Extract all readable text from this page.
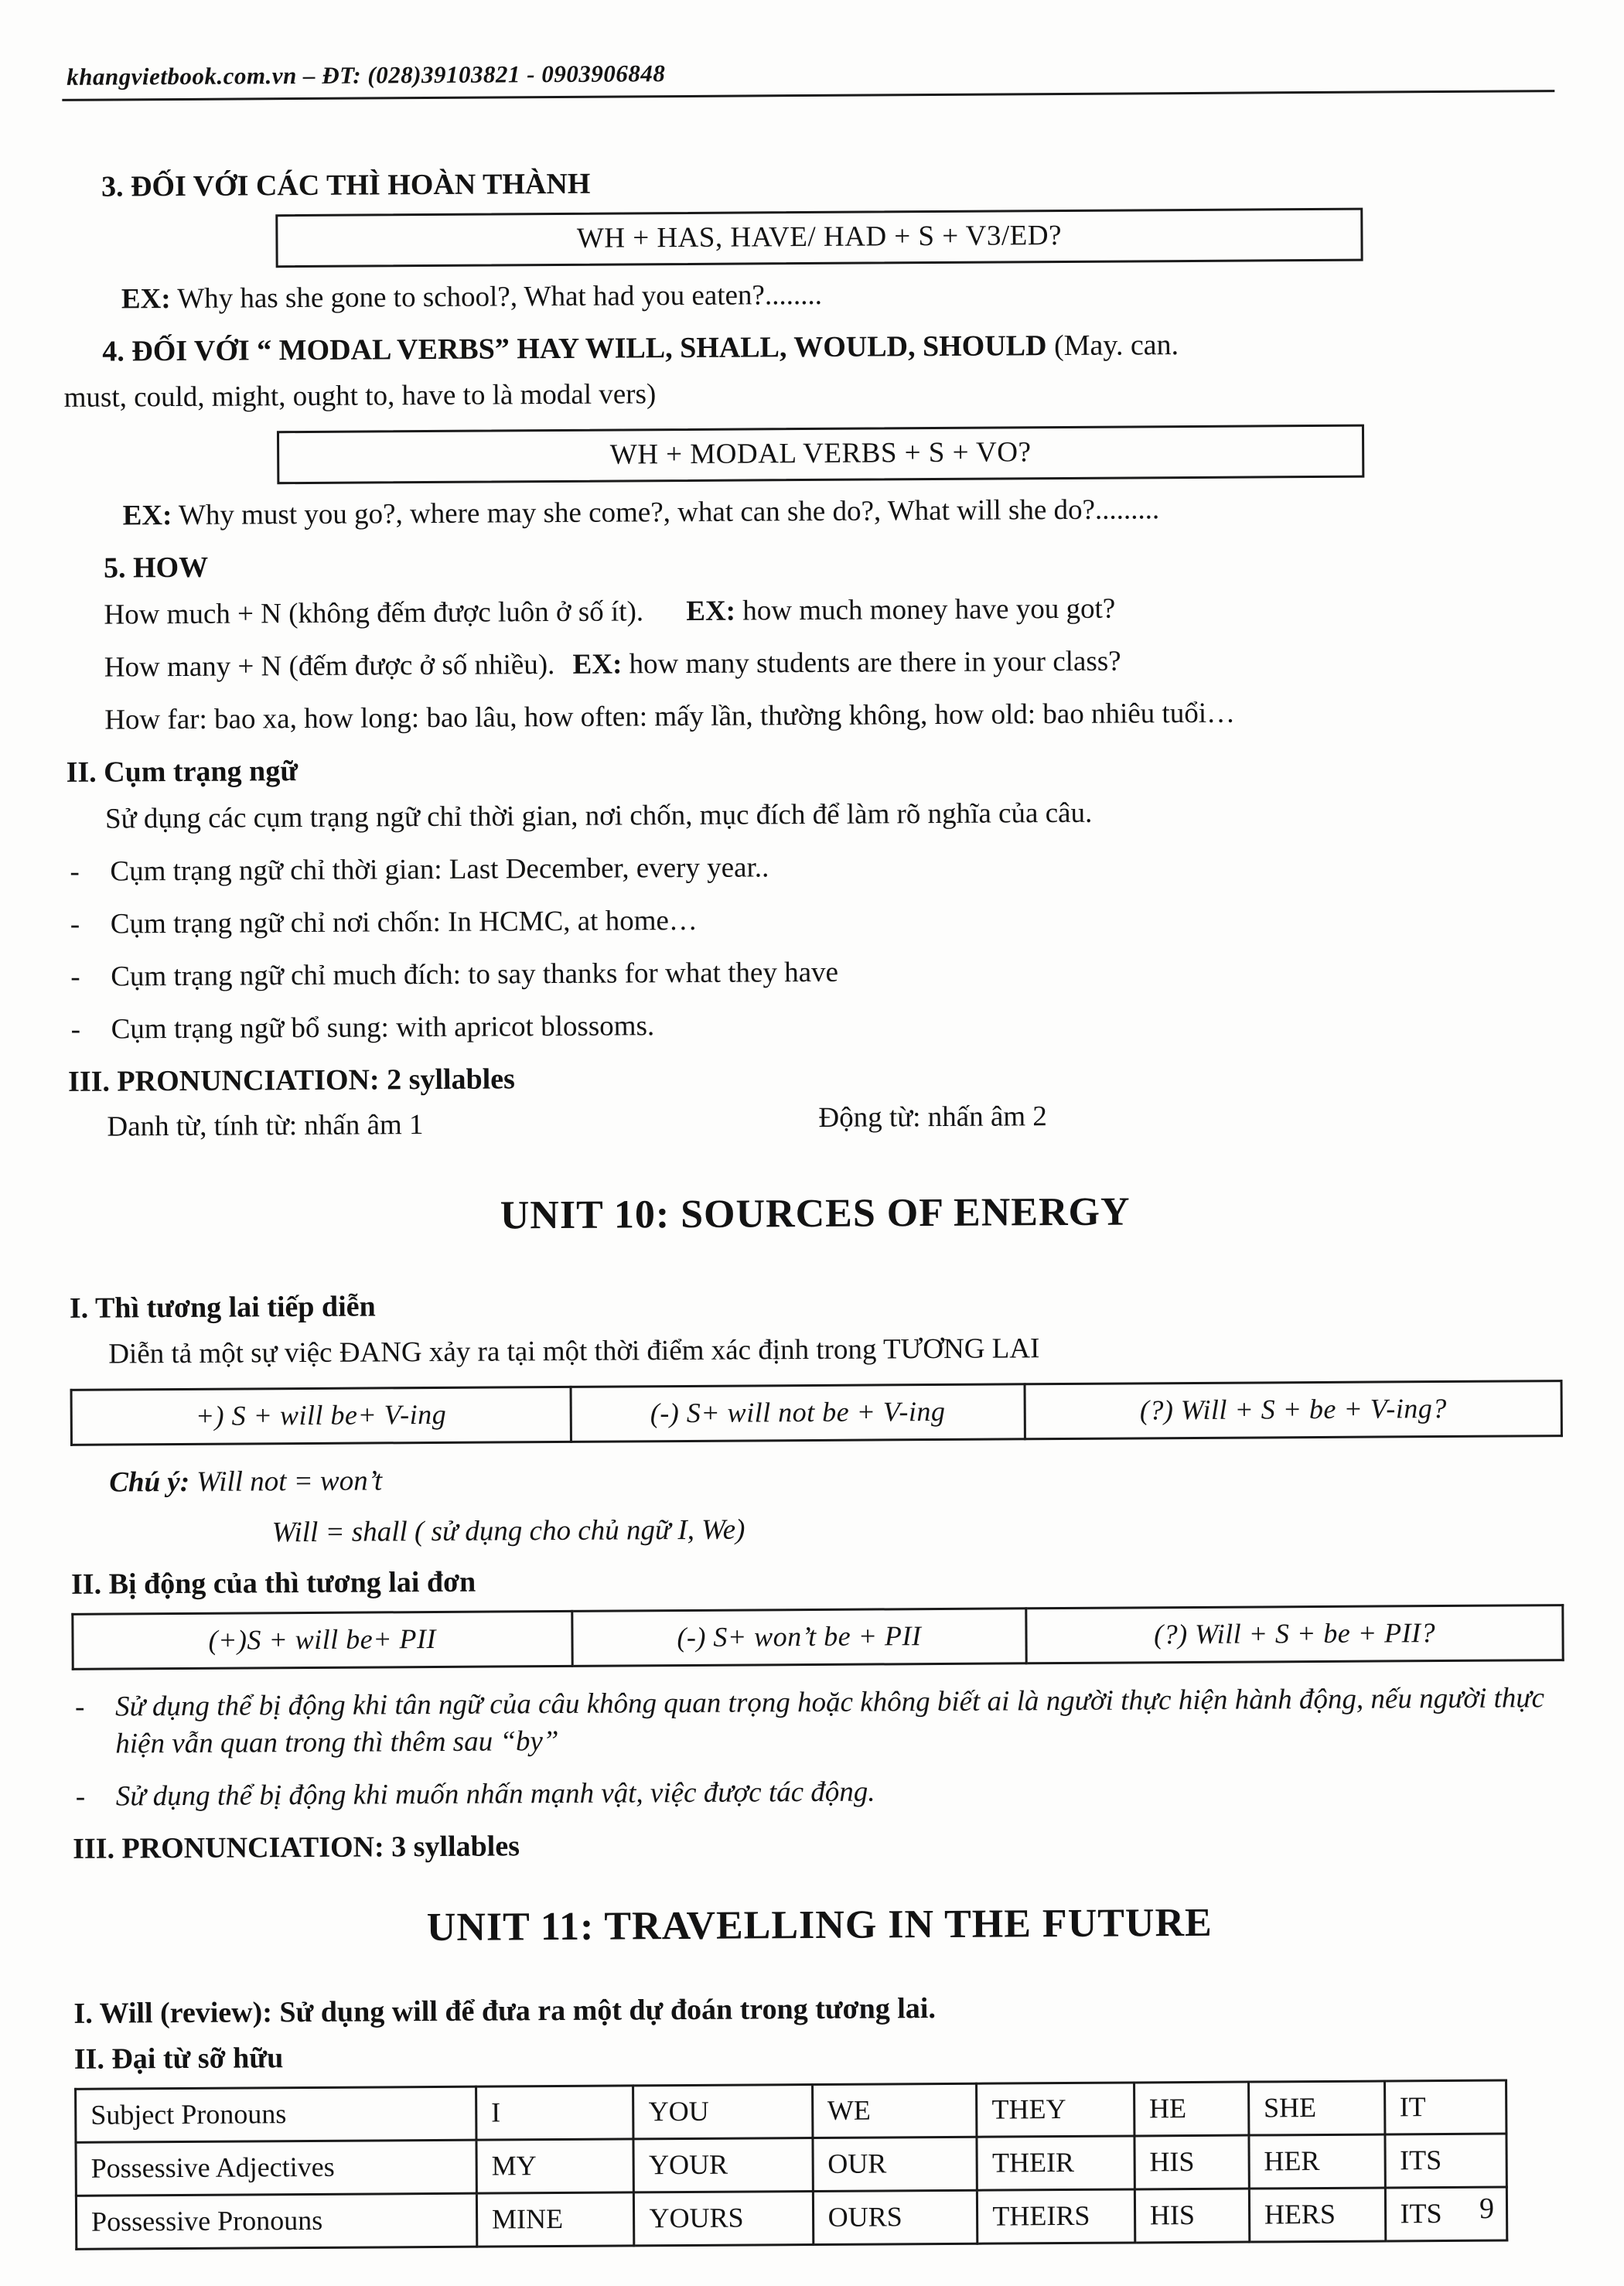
khangvietbook.com.vn – ĐT: (028)39103821 - 0903906848
3. ĐỐI VỚI CÁC THÌ HOÀN THÀNH
WH + HAS, HAVE/ HAD + S + V3/ED?
EX: Why has she gone to school?, What had you eaten?........
4. ĐỐI VỚI “ MODAL VERBS” HAY WILL, SHALL, WOULD, SHOULD (May. can.
must, could, might, ought to, have to là modal vers)
WH + MODAL VERBS + S + VO?
EX: Why must you go?, where may she come?, what can she do?, What will she do?.........
5. HOW
How much + N (không đếm được luôn ở số ít). EX: how much money have you got?
How many + N (đếm được ở số nhiều). EX: how many students are there in your class?
How far: bao xa, how long: bao lâu, how often: mấy lần, thường không, how old: bao nhiêu tuổi…
II. Cụm trạng ngữ
Sử dụng các cụm trạng ngữ chỉ thời gian, nơi chốn, mục đích để làm rõ nghĩa của câu.
-	Cụm trạng ngữ chỉ thời gian: Last December, every year..
-	Cụm trạng ngữ chỉ nơi chốn: In HCMC, at home…
-	Cụm trạng ngữ chỉ much đích: to say thanks for what they have
-	Cụm trạng ngữ bổ sung: with apricot blossoms.
III. PRONUNCIATION: 2 syllables
Danh từ, tính từ: nhấn âm 1	Động từ: nhấn âm 2
UNIT 10: SOURCES OF ENERGY
I. Thì tương lai tiếp diễn
Diễn tả một sự việc ĐANG xảy ra tại một thời điểm xác định trong TƯƠNG LAI
+) S + will be+ V-ing	(-) S+ will not be + V-ing	(?) Will + S + be + V-ing?
Chú ý: Will not = won’t
Will = shall ( sử dụng cho chủ ngữ I, We)
II. Bị động của thì tương lai đơn
(+)S + will be+ PII	(-) S+ won’t be + PII	(?) Will + S + be + PII?
-	Sử dụng thể bị động khi tân ngữ của câu không quan trọng hoặc không biết ai là người thực hiện hành động, nếu người thực hiện vẫn quan trong thì thêm sau “by”
-	Sử dụng thể bị động khi muốn nhấn mạnh vật, việc được tác động.
III. PRONUNCIATION: 3 syllables
UNIT 11: TRAVELLING IN THE FUTURE
I. Will (review): Sử dụng will để đưa ra một dự đoán trong tương lai.
II. Đại từ sỡ hữu
Subject Pronouns	I	YOU	WE	THEY	HE	SHE	IT
Possessive Adjectives	MY	YOUR	OUR	THEIR	HIS	HER	ITS
Possessive Pronouns	MINE	YOURS	OURS	THEIRS	HIS	HERS	ITS 9
